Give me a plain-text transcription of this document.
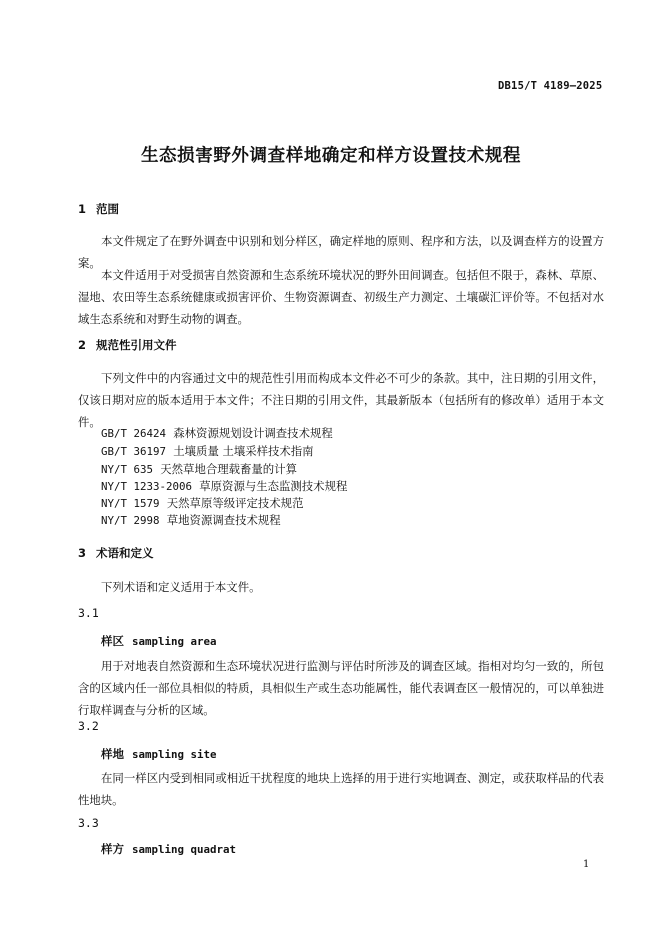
DB15/T 4189—2025
生态损害野外调查样地确定和样方设置技术规程
1 范围
本文件规定了在野外调查中识别和划分样区，确定样地的原则、程序和方法，以及调查样方的设置方案。
本文件适用于对受损害自然资源和生态系统环境状况的野外田间调查。包括但不限于，森林、草原、湿地、农田等生态系统健康或损害评价、生物资源调查、初级生产力测定、土壤碳汇评价等。不包括对水域生态系统和对野生动物的调查。
2 规范性引用文件
下列文件中的内容通过文中的规范性引用而构成本文件必不可少的条款。其中，注日期的引用文件，仅该日期对应的版本适用于本文件；不注日期的引用文件，其最新版本（包括所有的修改单）适用于本文件。
GB/T 26424 森林资源规划设计调查技术规程
GB/T 36197 土壤质量 土壤采样技术指南
NY/T 635 天然草地合理载畜量的计算
NY/T 1233-2006 草原资源与生态监测技术规程
NY/T 1579 天然草原等级评定技术规范
NY/T 2998 草地资源调查技术规程
3 术语和定义
下列术语和定义适用于本文件。
3.1
样区 sampling area
用于对地表自然资源和生态环境状况进行监测与评估时所涉及的调查区域。指相对均匀一致的，所包含的区域内任一部位具相似的特质，具相似生产或生态功能属性，能代表调查区一般情况的，可以单独进行取样调查与分析的区域。
3.2
样地 sampling site
在同一样区内受到相同或相近干扰程度的地块上选择的用于进行实地调查、测定，或获取样品的代表性地块。
3.3
样方 sampling quadrat
1
